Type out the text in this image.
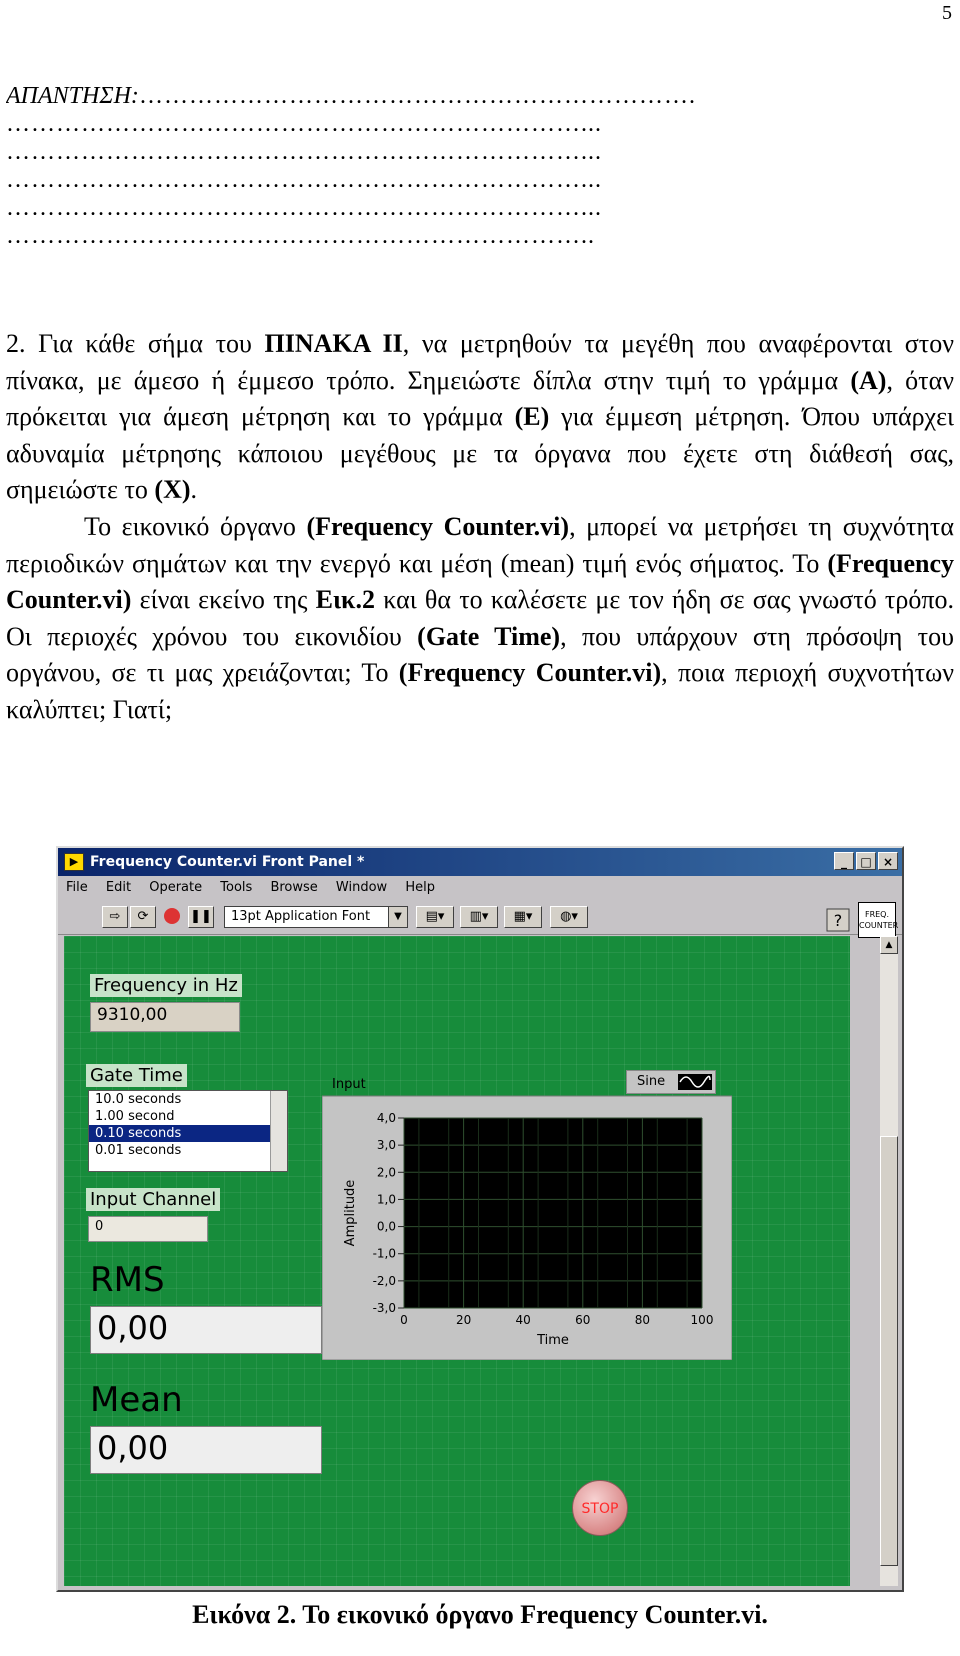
5
ΑΠΑΝΤΗΣΗ:………………………………………………………….
……………………………………………………………...
……………………………………………………………...
……………………………………………………………...
……………………………………………………………...
……………………………………………………………..

2. Για κάθε σήμα του ΠΙΝΑΚΑ ΙΙ, να μετρηθούν τα μεγέθη που αναφέρονται στον πίνακα, με άμεσο ή έμμεσο τρόπο. Σημειώστε δίπλα στην τιμή το γράμμα (Α), όταν πρόκειται για άμεση μέτρηση και το γράμμα (Ε) για έμμεση μέτρηση. Όπου υπάρχει αδυναμία μέτρησης κάποιου μεγέθους με τα όργανα που έχετε στη διάθεσή σας, σημειώστε το (Χ).

Το εικονικό όργανο (Frequency Counter.vi), μπορεί να μετρήσει τη συχνότητα περιοδικών σημάτων και την ενεργό και μέση (mean) τιμή ενός σήματος. Το (Frequency Counter.vi) είναι εκείνο της Εικ.2 και θα το καλέσετε με τον ήδη σε σας γνωστό τρόπο. Οι περιοχές χρόνου του εικονιδίου (Gate Time), που υπάρχουν στη πρόσοψη του οργάνου, σε τι μας χρειάζονται; Το (Frequency Counter.vi), ποια περιοχή συχνοτήτων καλύπτει; Γιατί;

▶ Frequency Counter.vi Front Panel *	_	□ ×
File Edit Operate Tools Browse Window Help
⇨	⟳	❚❚	13pt Application Font	▼	▤▾	▥▾	▦▾	◍▾	?	FREQ. COUNTER
Frequency in Hz
9310,00
Gate Time
10.0 seconds
1.00 second
0.10 seconds
0.01 seconds
Input Channel
0
RMS
0,00
Mean
0,00
Sine
0	20	40	60	80	100
4,0
3,0
2,0
1,0
0,0
-1,0
-2,0
-3,0
Input
Time
Amplitude
STOP
▲
Εικόνα 2. Το εικονικό όργανο Frequency Counter.vi.
